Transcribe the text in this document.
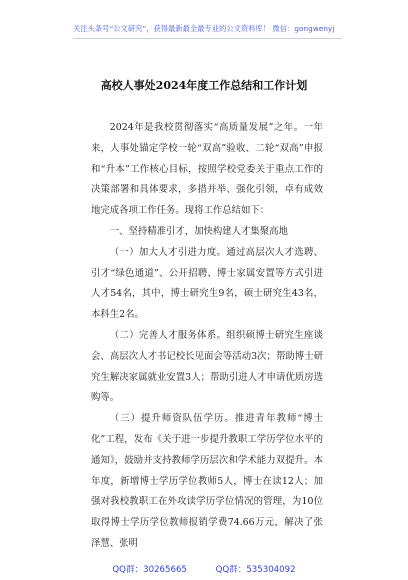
关注头条号“公文研究”，获得最新最全最专业的公文资料库！ 微信：gongwenyj
高校人事处2024年度工作总结和工作计划

2024年是我校贯彻落实“高质量发展”之年。一年来，人事处锚定学校一轮“双高”验收、二轮“双高”申报和“升本”工作核心目标，按照学校党委关于重点工作的决策部署和具体要求，多措并举、强化引领，卓有成效地完成各项工作任务。现将工作总结如下：

一、坚持精准引才，加快构建人才集聚高地

（一）加大人才引进力度。通过高层次人才选聘、引才“绿色通道”、公开招聘、博士家属安置等方式引进人才54名，其中，博士研究生9名，硕士研究生43名，本科生2名。

（二）完善人才服务体系。组织硕博士研究生座谈会、高层次人才书记校长见面会等活动3次；帮助博士研究生解决家属就业安置3人；帮助引进人才申请优质房选购等。

（三）提升师资队伍学历。推进青年教师“博士化”工程，发布《关于进一步提升教职工学历学位水平的通知》，鼓励并支持教师学历层次和学术能力双提升。本年度，新增博士学历学位教师5人，博士在读12人；加强对我校教职工在外攻读学历学位情况的管理，为10位取得博士学历学位教师报销学费74.66万元，解决了张泽慧、张明

QQ群：30265665	QQ群：535304092
